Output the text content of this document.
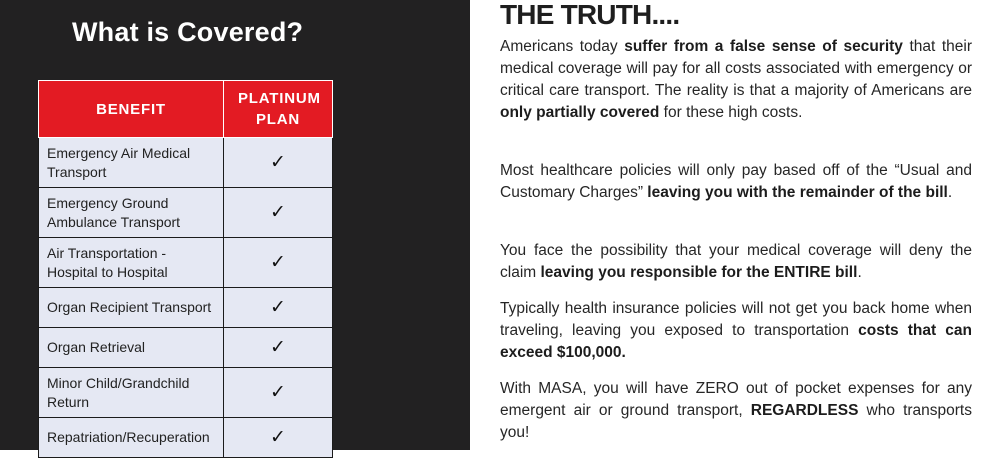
What is Covered?
BENEFIT	PLATINUM PLAN

Emergency Air Medical Transport	✓
Emergency Ground Ambulance Transport	✓
Air Transportation - Hospital to Hospital	✓
Organ Recipient Transport	✓
Organ Retrieval	✓
Minor Child/Grandchild Return	✓
Repatriation/Recuperation	✓
THE TRUTH....

Americans today suffer from a false sense of security that their medical coverage will pay for all costs associated with emergency or critical care transport. The reality is that a majority of Americans are only partially covered for these high costs.

Most healthcare policies will only pay based off of the “Usual and Customary Charges” leaving you with the remainder of the bill.

You face the possibility that your medical coverage will deny the claim leaving you responsible for the ENTIRE bill.

Typically health insurance policies will not get you back home when traveling, leaving you exposed to transportation costs that can exceed $100,000.

With MASA, you will have ZERO out of pocket expenses for any emergent air or ground transport, REGARDLESS who transports you!
